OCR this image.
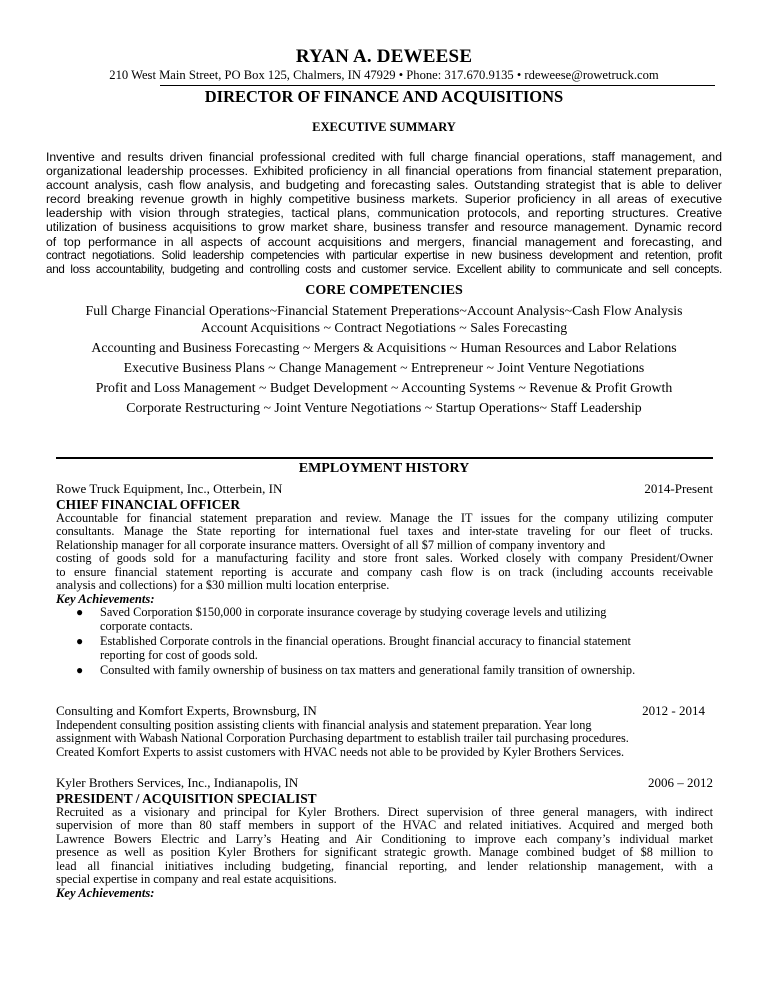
RYAN A. DEWEESE
210 West Main Street, PO Box 125, Chalmers, IN 47929 • Phone: 317.670.9135 • rdeweese@rowetruck.com
DIRECTOR OF FINANCE AND ACQUISITIONS
EXECUTIVE SUMMARY
Inventive and results driven financial professional credited with full charge financial operations, staff management, and
organizational leadership processes. Exhibited proficiency in all financial operations from financial statement preparation,
account analysis, cash flow analysis, and budgeting and forecasting sales. Outstanding strategist that is able to deliver
record breaking revenue growth in highly competitive business markets. Superior proficiency in all areas of executive
leadership with vision through strategies, tactical plans, communication protocols, and reporting structures. Creative
utilization of business acquisitions to grow market share, business transfer and resource management. Dynamic record
of top performance in all aspects of account acquisitions and mergers, financial management and forecasting, and
contract negotiations. Solid leadership competencies with particular expertise in new business development and retention, profit
and loss accountability, budgeting and controlling costs and customer service. Excellent ability to communicate and sell concepts.
CORE COMPETENCIES
Full Charge Financial Operations~Financial Statement Preperations~Account Analysis~Cash Flow Analysis
Account Acquisitions ~ Contract Negotiations ~ Sales Forecasting
Accounting and Business Forecasting ~ Mergers & Acquisitions ~ Human Resources and Labor Relations
Executive Business Plans ~ Change Management ~ Entrepreneur ~ Joint Venture Negotiations
Profit and Loss Management ~ Budget Development ~ Accounting Systems ~ Revenue & Profit Growth
Corporate Restructuring ~ Joint Venture Negotiations ~ Startup Operations~ Staff Leadership
EMPLOYMENT HISTORY
Rowe Truck Equipment, Inc., Otterbein, IN	2014-Present
CHIEF FINANCIAL OFFICER
Accountable for financial statement preparation and review. Manage the IT issues for the company utilizing computer
consultants. Manage the State reporting for international fuel taxes and inter-state traveling for our fleet of trucks.
Relationship manager for all corporate insurance matters. Oversight of all $7 million of company inventory and
costing of goods sold for a manufacturing facility and store front sales. Worked closely with company President/Owner
to ensure financial statement reporting is accurate and company cash flow is on track (including accounts receivable
analysis and collections) for a $30 million multi location enterprise.
Key Achievements:
● Saved Corporation $150,000 in corporate insurance coverage by studying coverage levels and utilizing
corporate contacts.
● Established Corporate controls in the financial operations. Brought financial accuracy to financial statement
reporting for cost of goods sold.
● Consulted with family ownership of business on tax matters and generational family transition of ownership.
Consulting and Komfort Experts, Brownsburg, IN	2012 - 2014
Independent consulting position assisting clients with financial analysis and statement preparation. Year long
assignment with Wabash National Corporation Purchasing department to establish trailer tail purchasing procedures.
Created Komfort Experts to assist customers with HVAC needs not able to be provided by Kyler Brothers Services.
Kyler Brothers Services, Inc., Indianapolis, IN	2006 – 2012
PRESIDENT / ACQUISITION SPECIALIST
Recruited as a visionary and principal for Kyler Brothers. Direct supervision of three general managers, with indirect
supervision of more than 80 staff members in support of the HVAC and related initiatives. Acquired and merged both
Lawrence Bowers Electric and Larry’s Heating and Air Conditioning to improve each company’s individual market
presence as well as position Kyler Brothers for significant strategic growth. Manage combined budget of $8 million to
lead all financial initiatives including budgeting, financial reporting, and lender relationship management, with a
special expertise in company and real estate acquisitions.
Key Achievements:
